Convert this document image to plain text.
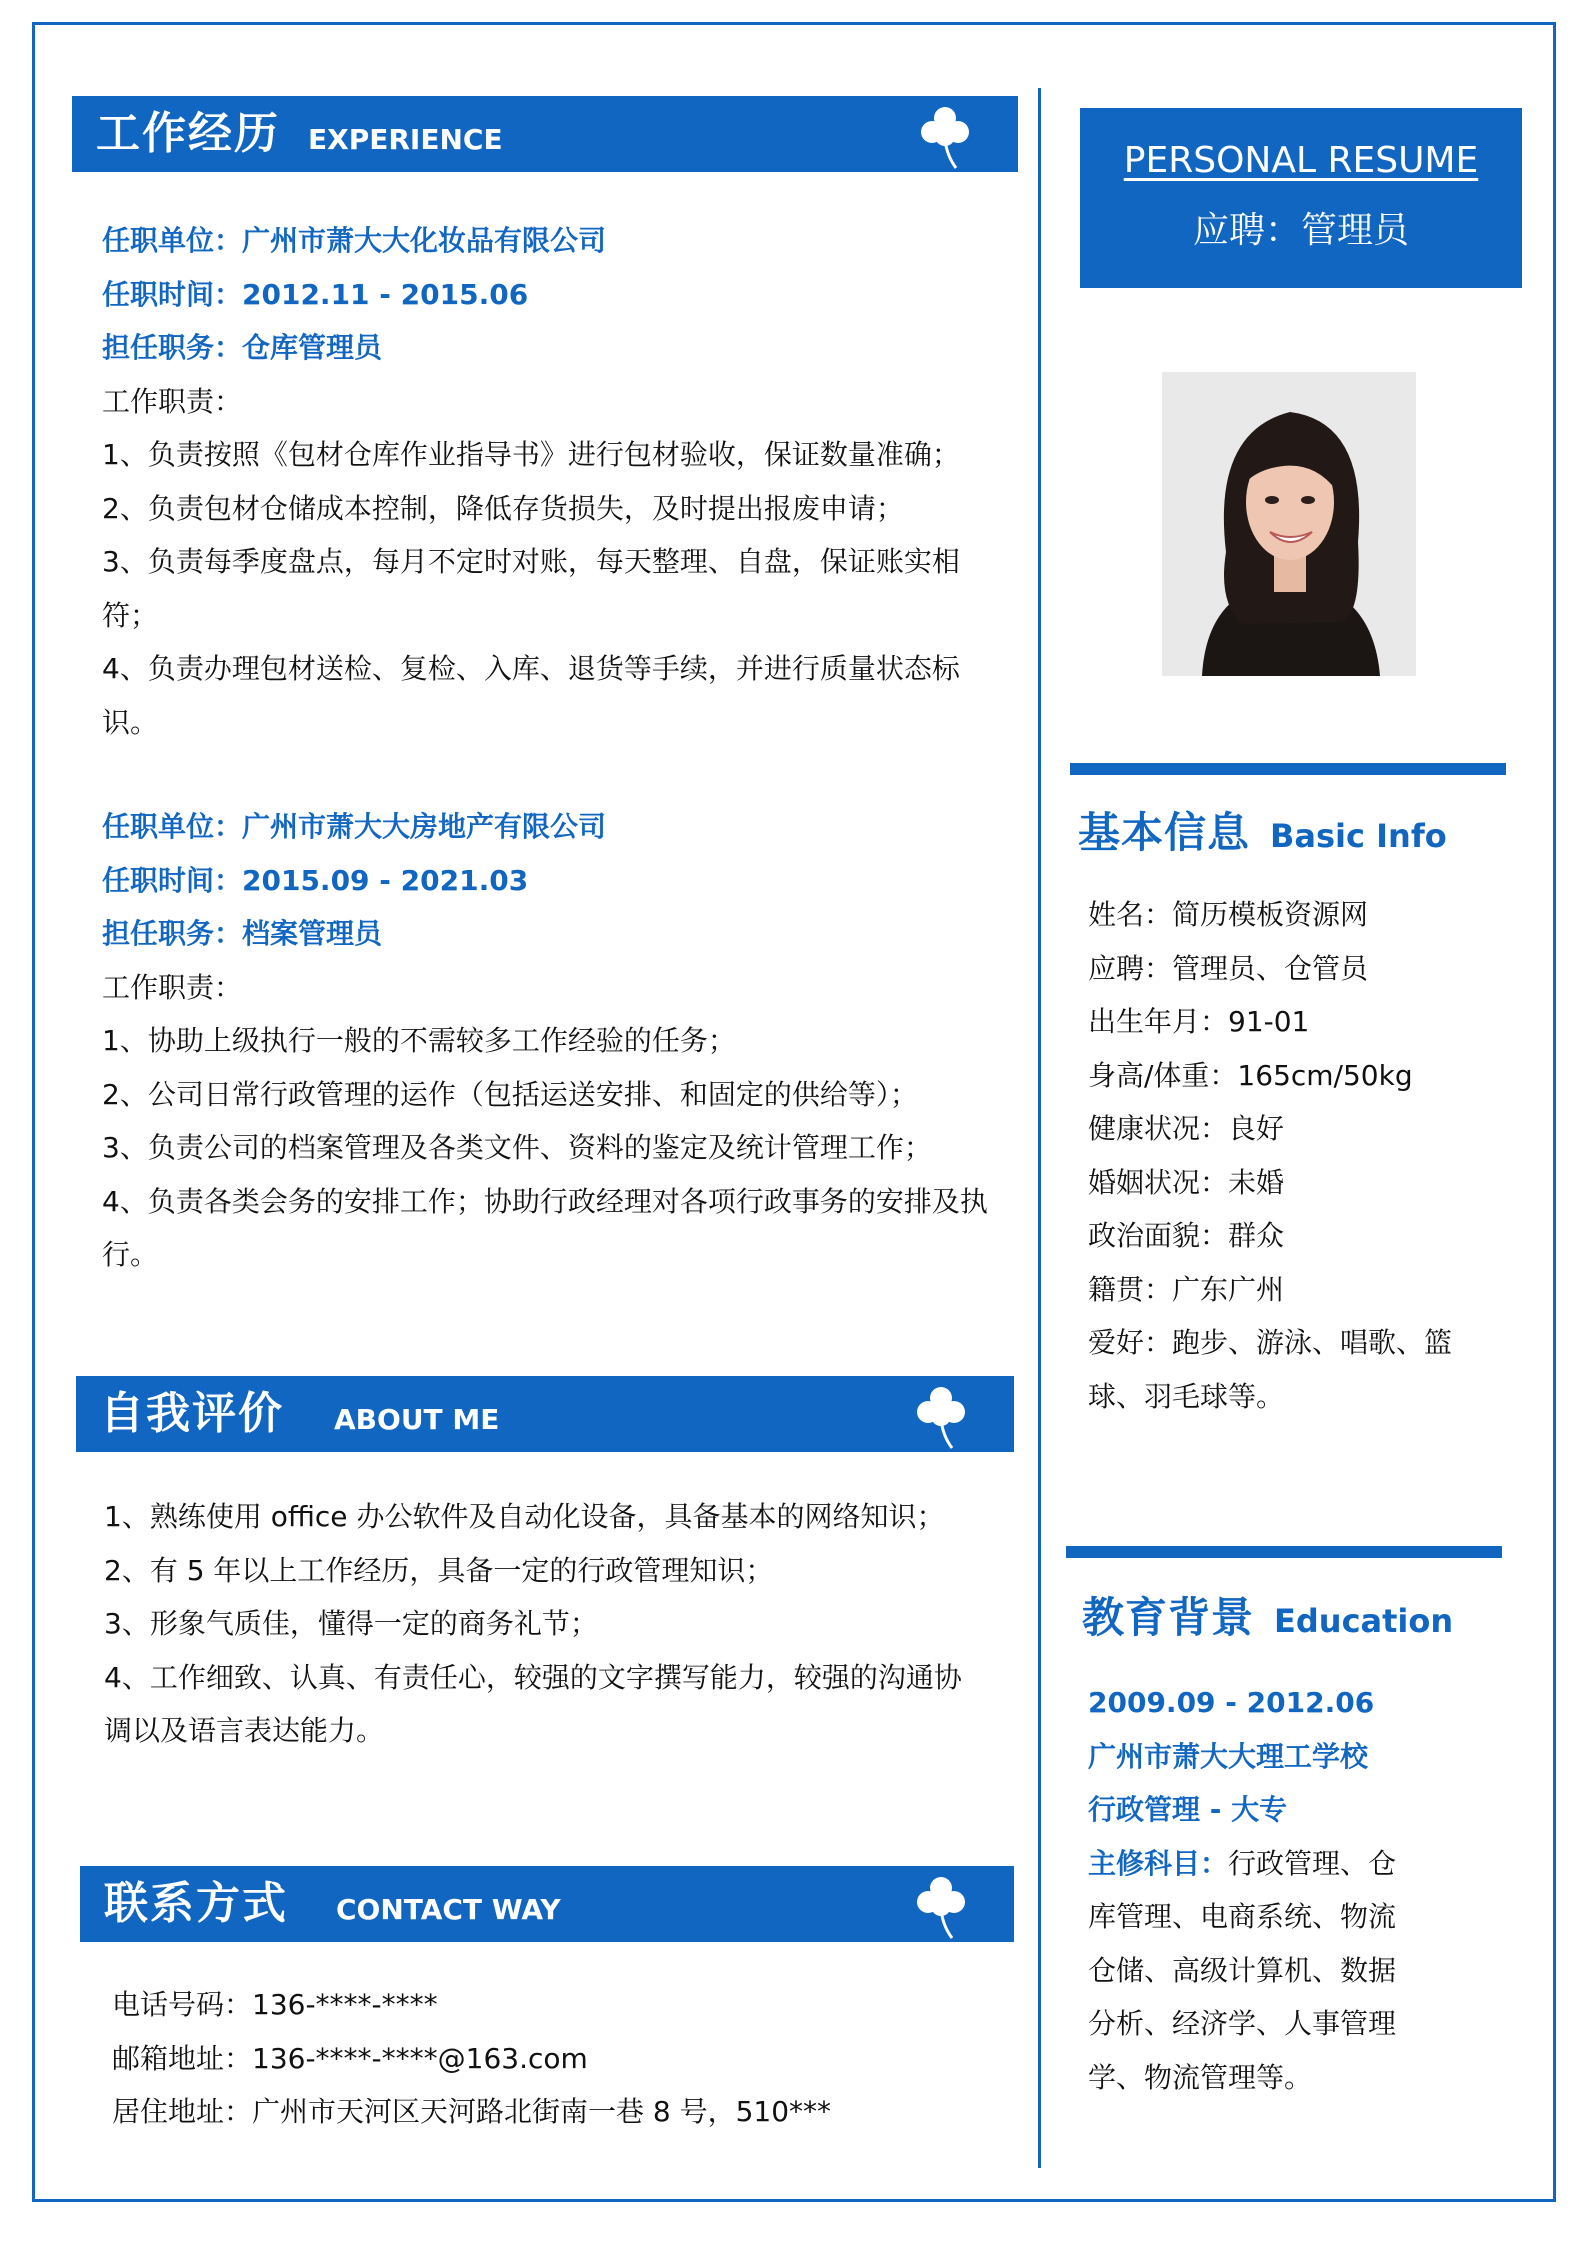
工作经历 EXPERIENCE
任职单位：广州市萧大大化妆品有限公司
任职时间：2012.11 - 2015.06
担任职务：仓库管理员
工作职责：
1、负责按照《包材仓库作业指导书》进行包材验收，保证数量准确；
2、负责包材仓储成本控制，降低存货损失，及时提出报废申请；
3、负责每季度盘点，每月不定时对账，每天整理、自盘，保证账实相符；
4、负责办理包材送检、复检、入库、退货等手续，并进行质量状态标识。
任职单位：广州市萧大大房地产有限公司
任职时间：2015.09 - 2021.03
担任职务：档案管理员
工作职责：
1、协助上级执行一般的不需较多工作经验的任务；
2、公司日常行政管理的运作（包括运送安排、和固定的供给等）；
3、负责公司的档案管理及各类文件、资料的鉴定及统计管理工作；
4、负责各类会务的安排工作；协助行政经理对各项行政事务的安排及执行。
自我评价 ABOUT ME
1、熟练使用 office 办公软件及自动化设备，具备基本的网络知识；
2、有 5 年以上工作经历，具备一定的行政管理知识；
3、形象气质佳，懂得一定的商务礼节；
4、工作细致、认真、有责任心，较强的文字撰写能力，较强的沟通协调以及语言表达能力。
联系方式 CONTACT WAY
电话号码：136-****-****
邮箱地址：136-****-****@163.com
居住地址：广州市天河区天河路北街南一巷 8 号，510***
PERSONAL RESUME
应聘：管理员
基本信息 Basic Info
姓名：简历模板资源网
应聘：管理员、仓管员
出生年月：91-01
身高/体重：165cm/50kg
健康状况：良好
婚姻状况：未婚
政治面貌：群众
籍贯：广东广州
爱好：跑步、游泳、唱歌、篮球、羽毛球等。
教育背景 Education
2009.09 - 2012.06
广州市萧大大理工学校
行政管理 - 大专
主修科目：行政管理、仓库管理、电商系统、物流仓储、高级计算机、数据分析、经济学、人事管理学、物流管理等。
